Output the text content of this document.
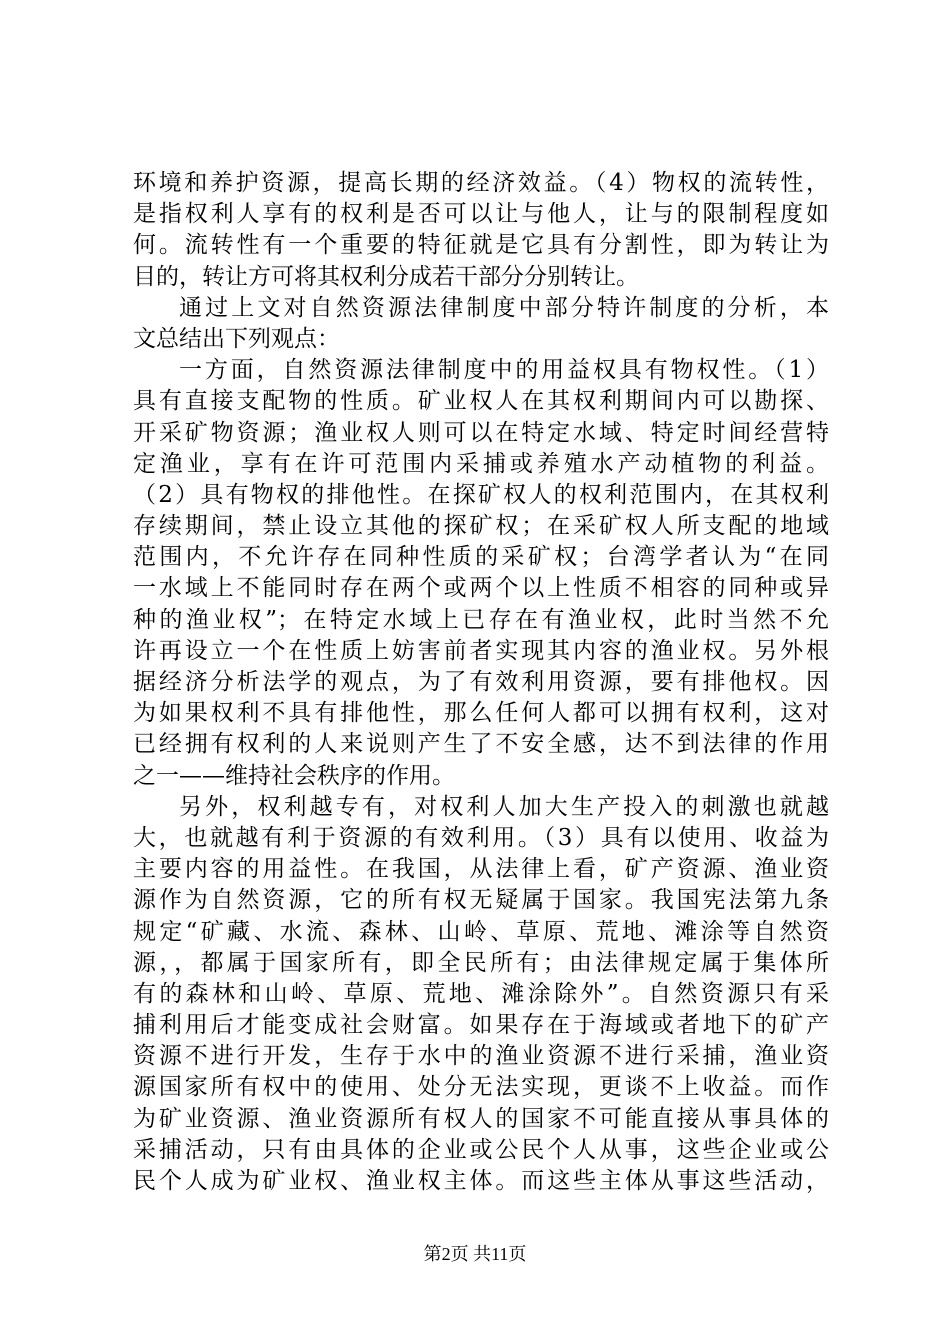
环境和养护资源，提高长期的经济效益。（4）物权的流转性，
是指权利人享有的权利是否可以让与他人，让与的限制程度如
何。流转性有一个重要的特征就是它具有分割性，即为转让为
目的，转让方可将其权利分成若干部分分别转让。
通过上文对自然资源法律制度中部分特许制度的分析，本
文总结出下列观点：
一方面，自然资源法律制度中的用益权具有物权性。（1）
具有直接支配物的性质。矿业权人在其权利期间内可以勘探、
开采矿物资源；渔业权人则可以在特定水域、特定时间经营特
定渔业，享有在许可范围内采捕或养殖水产动植物的利益。
（2）具有物权的排他性。在探矿权人的权利范围内，在其权利
存续期间，禁止设立其他的探矿权；在采矿权人所支配的地域
范围内，不允许存在同种性质的采矿权；台湾学者认为“在同
一水域上不能同时存在两个或两个以上性质不相容的同种或异
种的渔业权”；在特定水域上已存在有渔业权，此时当然不允
许再设立一个在性质上妨害前者实现其内容的渔业权。另外根
据经济分析法学的观点，为了有效利用资源，要有排他权。因
为如果权利不具有排他性，那么任何人都可以拥有权利，这对
已经拥有权利的人来说则产生了不安全感，达不到法律的作用
之一——维持社会秩序的作用。
另外，权利越专有，对权利人加大生产投入的刺激也就越
大，也就越有利于资源的有效利用。（3）具有以使用、收益为
主要内容的用益性。在我国，从法律上看，矿产资源、渔业资
源作为自然资源，它的所有权无疑属于国家。我国宪法第九条
规定“矿藏、水流、森林、山岭、草原、荒地、滩涂等自然资
源，，都属于国家所有，即全民所有；由法律规定属于集体所
有的森林和山岭、草原、荒地、滩涂除外”。自然资源只有采
捕利用后才能变成社会财富。如果存在于海域或者地下的矿产
资源不进行开发，生存于水中的渔业资源不进行采捕，渔业资
源国家所有权中的使用、处分无法实现，更谈不上收益。而作
为矿业资源、渔业资源所有权人的国家不可能直接从事具体的
采捕活动，只有由具体的企业或公民个人从事，这些企业或公
民个人成为矿业权、渔业权主体。而这些主体从事这些活动，
第2页 共11页
